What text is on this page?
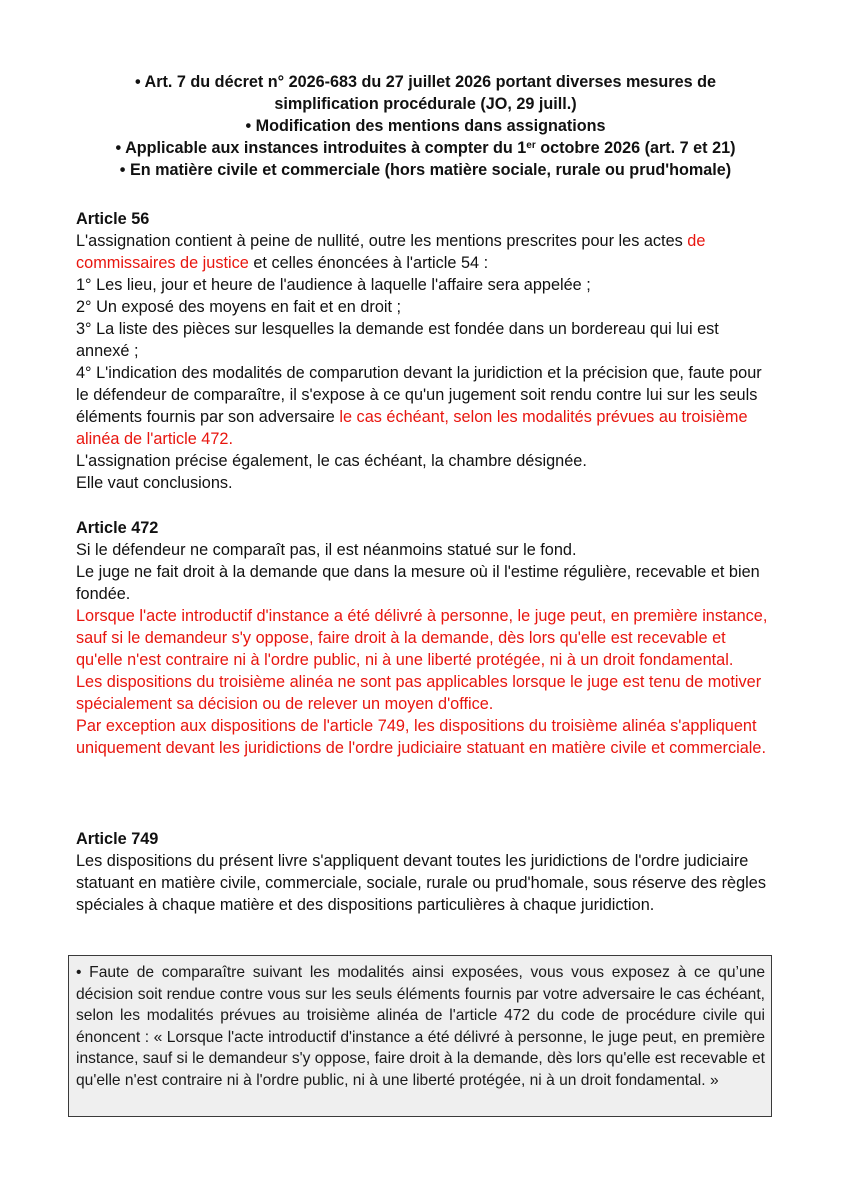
• Art. 7 du décret n° 2026-683 du 27 juillet 2026 portant diverses mesures de
simplification procédurale (JO, 29 juill.)
• Modification des mentions dans assignations
• Applicable aux instances introduites à compter du 1er octobre 2026 (art. 7 et 21)
• En matière civile et commerciale (hors matière sociale, rurale ou prud'homale)

Article 56

L'assignation contient à peine de nullité, outre les mentions prescrites pour les actes de commissaires de justice et celles énoncées à l'article 54 :

1° Les lieu, jour et heure de l'audience à laquelle l'affaire sera appelée ;

2° Un exposé des moyens en fait et en droit ;

3° La liste des pièces sur lesquelles la demande est fondée dans un bordereau qui lui est annexé ;

4° L'indication des modalités de comparution devant la juridiction et la précision que, faute pour le défendeur de comparaître, il s'expose à ce qu'un jugement soit rendu contre lui sur les seuls éléments fournis par son adversaire le cas échéant, selon les modalités prévues au troisième alinéa de l'article 472.

L'assignation précise également, le cas échéant, la chambre désignée.

Elle vaut conclusions.

Article 472

Si le défendeur ne comparaît pas, il est néanmoins statué sur le fond.

Le juge ne fait droit à la demande que dans la mesure où il l'estime régulière, recevable et bien fondée.

Lorsque l'acte introductif d'instance a été délivré à personne, le juge peut, en première instance, sauf si le demandeur s'y oppose, faire droit à la demande, dès lors qu'elle est recevable et qu'elle n'est contraire ni à l'ordre public, ni à une liberté protégée, ni à un droit fondamental.

Les dispositions du troisième alinéa ne sont pas applicables lorsque le juge est tenu de motiver spécialement sa décision ou de relever un moyen d'office.

Par exception aux dispositions de l'article 749, les dispositions du troisième alinéa s'appliquent uniquement devant les juridictions de l'ordre judiciaire statuant en matière civile et commerciale.

Article 749

Les dispositions du présent livre s'appliquent devant toutes les juridictions de l'ordre judiciaire statuant en matière civile, commerciale, sociale, rurale ou prud'homale, sous réserve des règles spéciales à chaque matière et des dispositions particulières à chaque juridiction.

• Faute de comparaître suivant les modalités ainsi exposées, vous vous exposez à ce qu’une décision soit rendue contre vous sur les seuls éléments fournis par votre adversaire le cas échéant, selon les modalités prévues au troisième alinéa de l'article 472 du code de procédure civile qui énoncent : « Lorsque l'acte introductif d'instance a été délivré à personne, le juge peut, en première instance, sauf si le demandeur s'y oppose, faire droit à la demande, dès lors qu'elle est recevable et qu'elle n'est contraire ni à l'ordre public, ni à une liberté protégée, ni à un droit fondamental. »
